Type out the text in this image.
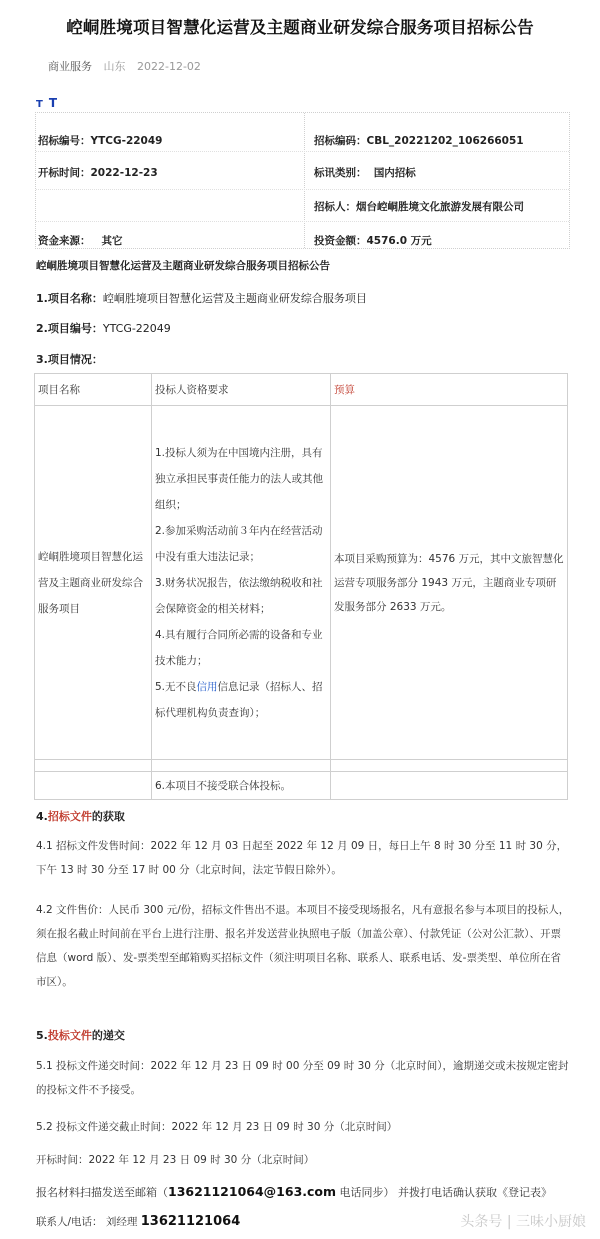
崆峒胜境项目智慧化运营及主题商业研发综合服务项目招标公告
商业服务 山东 2022-12-02
T T
招标编号：YTCG-22049	招标编码：CBL_20221202_106266051
开标时间：2022-12-23	标讯类别： 国内招标
招标人：烟台崆峒胜境文化旅游发展有限公司
资金来源： 其它	投资金额：4576.0 万元
崆峒胜境项目智慧化运营及主题商业研发综合服务项目招标公告
1.项目名称：崆峒胜境项目智慧化运营及主题商业研发综合服务项目
2.项目编号：YTCG-22049
3.项目情况：
项目名称	投标人资格要求	预算
崆峒胜境项目智慧化运营及主题商业研发综合服务项目	1.投标人须为在中国境内注册，具有独立承担民事责任能力的法人或其他组织；
2.参加采购活动前３年内在经营活动中没有重大违法记录；
3.财务状况报告，依法缴纳税收和社会保障资金的相关材料；
4.具有履行合同所必需的设备和专业技术能力；
5.无不良信用信息记录（招标人、招标代理机构负责查询）；	本项目采购预算为：4576 万元，其中文旅智慧化运营专项服务部分 1943 万元，主题商业专项研发服务部分 2633 万元。

	6.本项目不接受联合体投标。	
4.招标文件的获取
4.1 招标文件发售时间：2022 年 12 月 03 日起至 2022 年 12 月 09 日，每日上午 8 时 30 分至 11 时 30 分，下午 13 时 30 分至 17 时 00 分（北京时间，法定节假日除外）。
4.2 文件售价：人民币 300 元/份，招标文件售出不退。本项目不接受现场报名，凡有意报名参与本项目的投标人，须在报名截止时间前在平台上进行注册、报名并发送营业执照电子版（加盖公章）、付款凭证（公对公汇款）、开票信息（word 版）、发-票类型至邮箱购买招标文件（须注明项目名称、联系人、联系电话、发-票类型、单位所在省市区）。
5.投标文件的递交
5.1 投标文件递交时间：2022 年 12 月 23 日 09 时 00 分至 09 时 30 分（北京时间），逾期递交或未按规定密封的投标文件不予接受。
5.2 投标文件递交截止时间：2022 年 12 月 23 日 09 时 30 分（北京时间）
开标时间：2022 年 12 月 23 日 09 时 30 分（北京时间）
报名材料扫描发送至邮箱（13621121064@163.com 电话同步） 并拨打电话确认获取《登记表》
联系人/电话： 刘经理 13621121064	头条号 | 三味小厨娘
